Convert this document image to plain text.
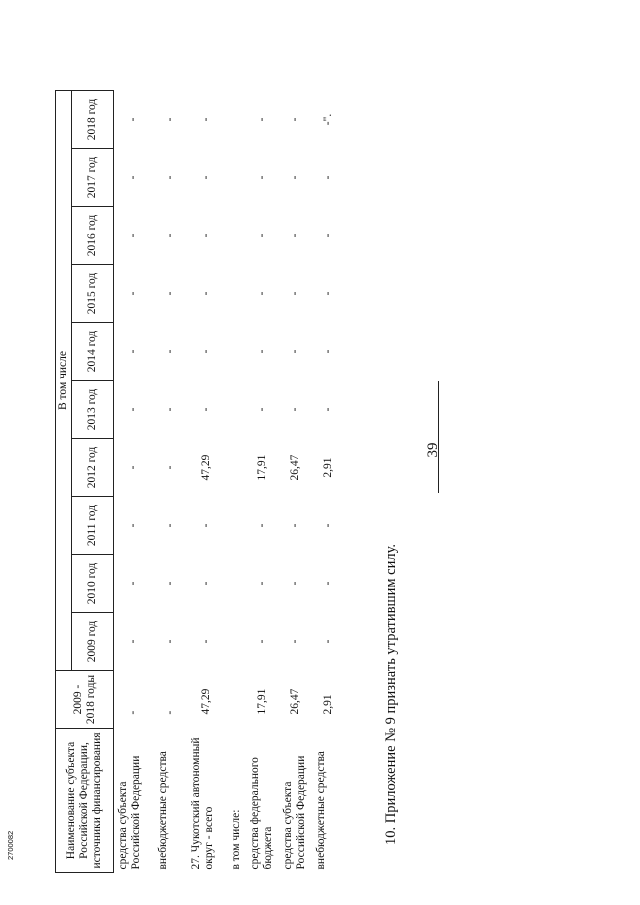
39
Наименование субъекта Российской Федерации, источники финансирования	2009 - 2018 годы	В том числе									
		2009 год	2010 год	2011 год	2012 год	2013 год	2014 год	2015 год	2016 год	2017 год	2018 год
средства субъекта Российской Федерации	-	-	-	-	-	-	-	-	-	-	-
внебюджетные средства	-	-	-	-	-	-	-	-	-	-	-
27. Чукотский автономный округ - всего	47,29	-	-	-	47,29	-	-	-	-	-	-
в том числе:											
средства федерального бюджета	17,91	-	-	-	17,91	-	-	-	-	-	-
средства субъекта Российской Федерации	26,47	-	-	-	26,47	-	-	-	-	-	-
внебюджетные средства	2,91	-	-	-	2,91	-	-	-	-	-	-".
10. Приложение № 9 признать утратившим силу.
2700082
